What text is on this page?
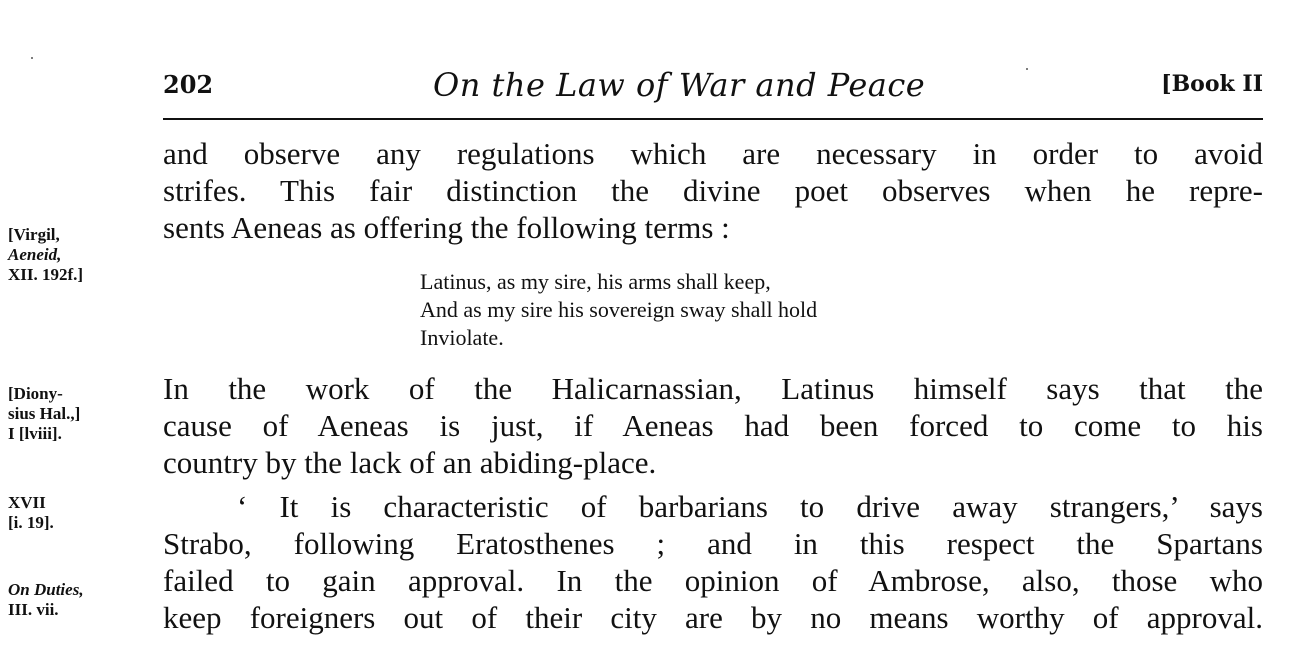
202	On the Law of War and Peace	[Book II
and observe any regulations which are necessary in order to avoid
strifes. This fair distinction the divine poet observes when he repre-
sents Aeneas as offering the following terms :
Latinus, as my sire, his arms shall keep,
And as my sire his sovereign sway shall hold
Inviolate.
In the work of the Halicarnassian, Latinus himself says that the
cause of Aeneas is just, if Aeneas had been forced to come to his
country by the lack of an abiding-place.
‘ It is characteristic of barbarians to drive away strangers,’ says
Strabo, following Eratosthenes ; and in this respect the Spartans
failed to gain approval. In the opinion of Ambrose, also, those who
keep foreigners out of their city are by no means worthy of approval.
[Virgil,
Aeneid,
XII. 192f.]
[Diony-
sius Hal.,]
I [lviii].
XVII
[i. 19].
On Duties,
III. vii.
